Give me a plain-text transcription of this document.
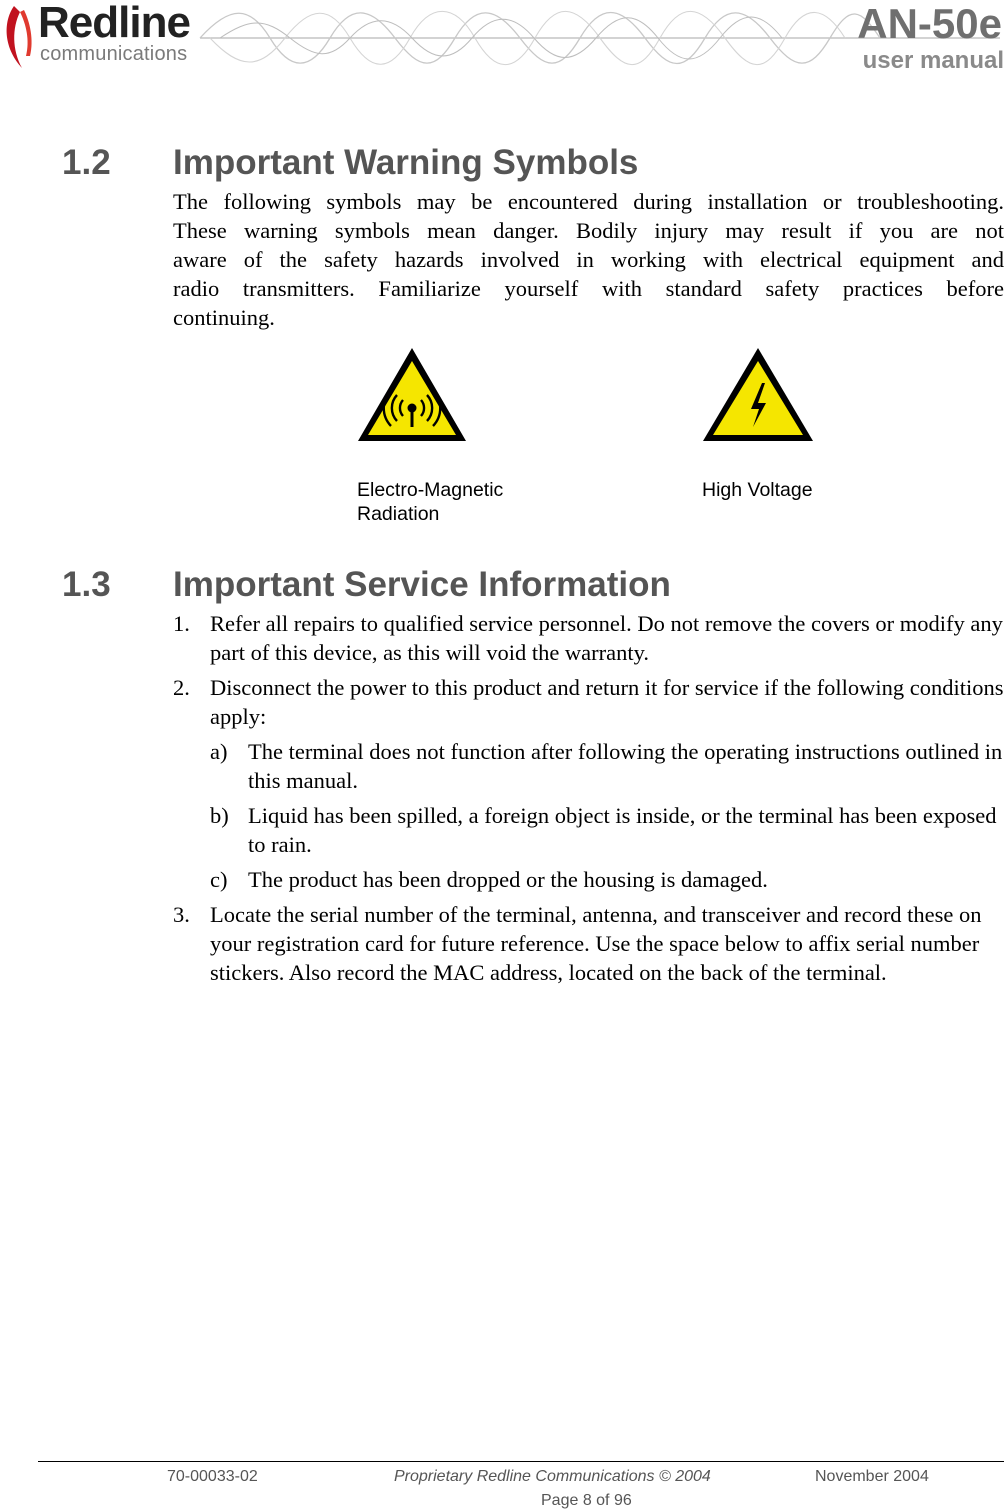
Redline
communications
AN-50e
user manual
1.2 Important Warning Symbols
The following symbols may be encountered during installation or troubleshooting.
These warning symbols mean danger. Bodily injury may result if you are not
aware of the safety hazards involved in working with electrical equipment and
radio transmitters. Familiarize yourself with standard safety practices before
continuing.
Electro-Magnetic
Radiation
High Voltage
1.3 Important Service Information
1. Refer all repairs to qualified service personnel. Do not remove the covers or modify any part of this device, as this will void the warranty.
2. Disconnect the power to this product and return it for service if the following conditions apply:
a) The terminal does not function after following the operating instructions outlined in this manual.
b) Liquid has been spilled, a foreign object is inside, or the terminal has been exposed to rain.
c) The product has been dropped or the housing is damaged.
3. Locate the serial number of the terminal, antenna, and transceiver and record these on your registration card for future reference. Use the space below to affix serial number stickers. Also record the MAC address, located on the back of the terminal.
70-00033-02	Proprietary Redline Communications © 2004	November 2004
Page 8 of 96
